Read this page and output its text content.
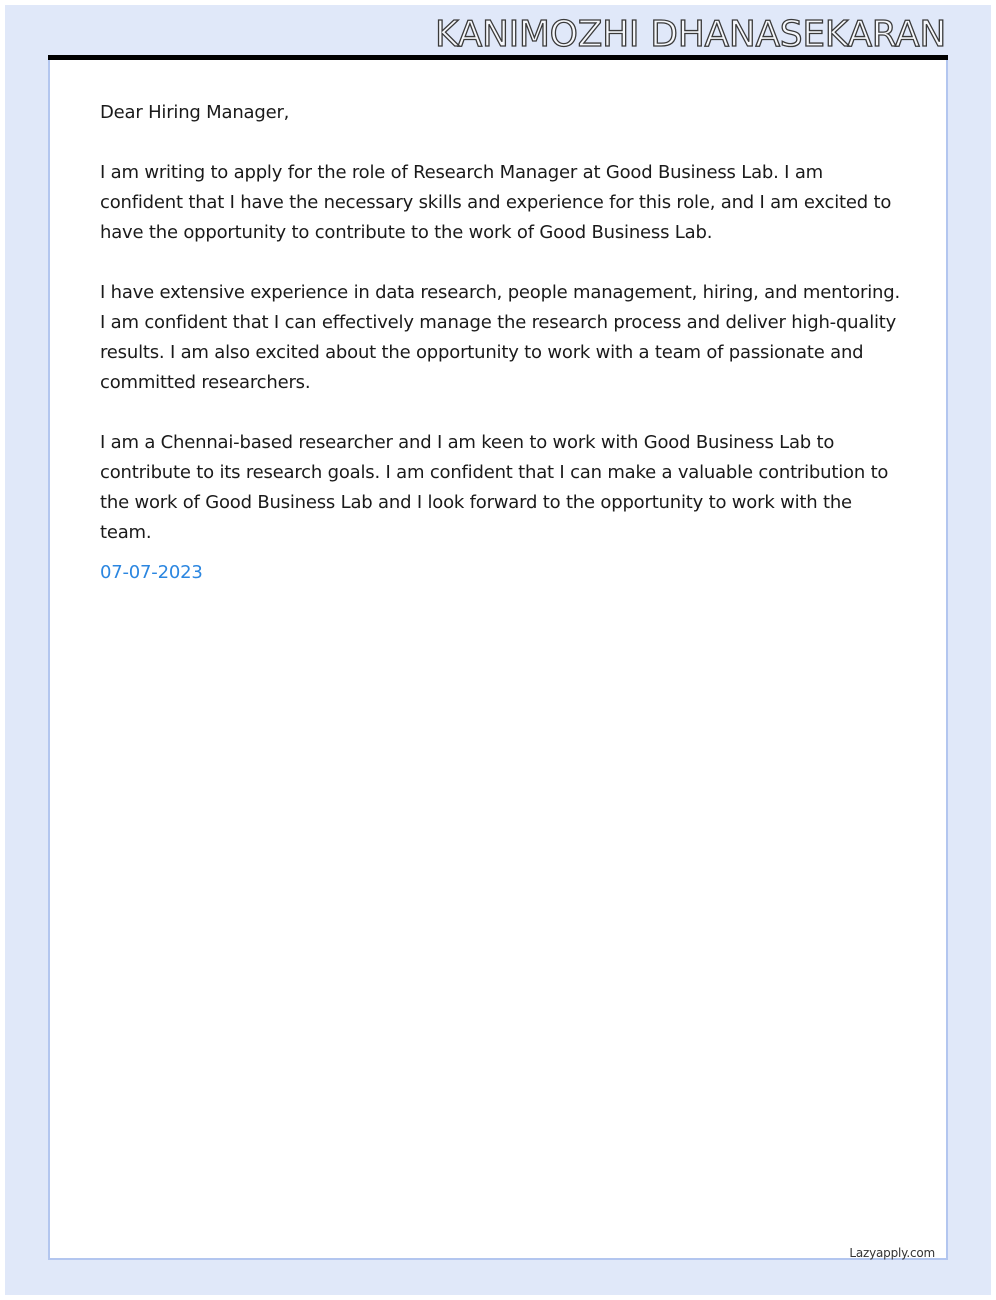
KANIMOZHI DHANASEKARAN

Dear Hiring Manager,

I am writing to apply for the role of Research Manager at Good Business Lab. I am confident that I have the necessary skills and experience for this role, and I am excited to have the opportunity to contribute to the work of Good Business Lab.

I have extensive experience in data research, people management, hiring, and mentoring. I am confident that I can effectively manage the research process and deliver high-quality results. I am also excited about the opportunity to work with a team of passionate and committed researchers.

I am a Chennai-based researcher and I am keen to work with Good Business Lab to contribute to its research goals. I am confident that I can make a valuable contribution to the work of Good Business Lab and I look forward to the opportunity to work with the team.

07-07-2023

Lazyapply.com
